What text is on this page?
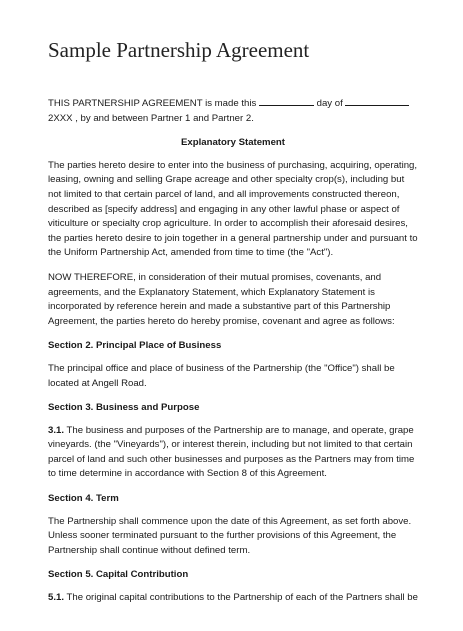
Sample Partnership Agreement
THIS PARTNERSHIP AGREEMENT is made this	day of
2XXX , by and between Partner 1 and Partner 2.
Explanatory Statement
The parties hereto desire to enter into the business of purchasing, acquiring, operating, leasing, owning and selling Grape acreage and other specialty crop(s), including but not limited to that certain parcel of land, and all improvements constructed thereon, described as [specify address] and engaging in any other lawful phase or aspect of viticulture or specialty crop agriculture. In order to accomplish their aforesaid desires, the parties hereto desire to join together in a general partnership under and pursuant to the Uniform Partnership Act, amended from time to time (the "Act").
NOW THEREFORE, in consideration of their mutual promises, covenants, and agreements, and the Explanatory Statement, which Explanatory Statement is incorporated by reference herein and made a substantive part of this Partnership Agreement, the parties hereto do hereby promise, covenant and agree as follows:
Section 2. Principal Place of Business
The principal office and place of business of the Partnership (the "Office") shall be located at Angell Road.
Section 3. Business and Purpose
3.1. The business and purposes of the Partnership are to manage, and operate, grape vineyards. (the "Vineyards"), or interest therein, including but not limited to that certain parcel of land and such other businesses and purposes as the Partners may from time to time determine in accordance with Section 8 of this Agreement.
Section 4. Term
The Partnership shall commence upon the date of this Agreement, as set forth above. Unless sooner terminated pursuant to the further provisions of this Agreement, the Partnership shall continue without defined term.
Section 5. Capital Contribution
5.1. The original capital contributions to the Partnership of each of the Partners shall be
